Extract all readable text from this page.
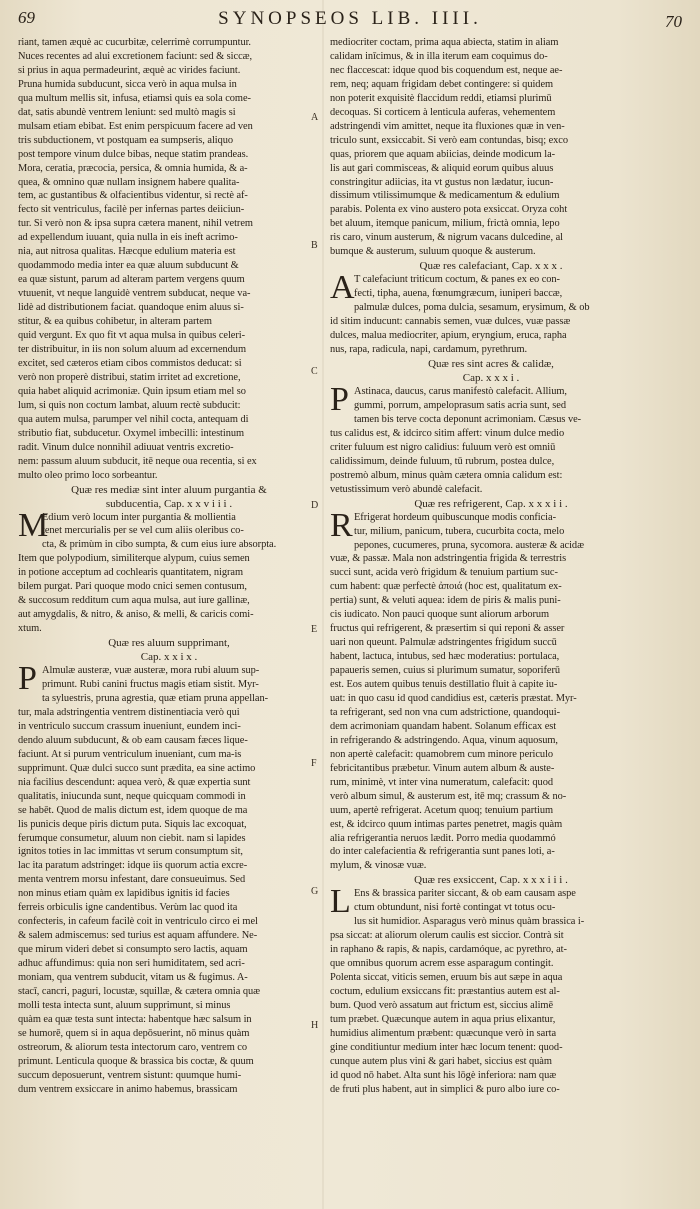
69	SYNOPSEOS LIB. IIII.	70
A
B
C
D
E
F
G
H
riant, tamen æquè ac cucurbitæ, celerrimè corrumpuntur.
Nuces recentes ad alui excretionem faciunt: sed & siccæ,
si prius in aqua permadeurint, æquè ac virides faciunt.
Pruna humida subducunt, sicca verò in aqua mulsa in
qua multum mellis sit, infusa, etiamsi quis ea sola come-
dat, satis abundè ventrem leniunt: sed multò magis si
mulsam etiam ebibat. Est enim perspicuum facere ad ven
tris subductionem, vt postquam ea sumpseris, aliquo
post tempore vinum dulce bibas, neque statim prandeas.
Mora, ceratia, præcocia, persica, & omnia humida, & a-
quea, & omnino quæ nullam insignem habere qualita-
tem, ac gustantibus & olfacientibus videntur, si rectè af-
fecto sit ventriculus, facilè per infernas partes deiiciun-
tur. Si verò non & ipsa supra cætera manent, nihil vetrem
ad expellendum iuuant, quia nulla in eis ineft acrimo-
nia, aut nitrosa qualitas. Hæcque edulium materia est
quodammodo media inter ea quæ aluum subducunt &
ea quæ sistunt, parum ad alteram partem vergens quum
vtuuenit, vt neque languidè ventrem subducat, neque va-
lidè ad distributionem faciat. quandoque enim aluus si-
stitur, & ea quibus cohibetur, in alteram partem
quid vergunt. Ex quo fit vt aqua mulsa in quibus celeri-
ter distribuitur, in iis non solum aluum ad excernendum
excitet, sed cæteros etiam cibos commistos deducat: si
verò non properè distribui, statim irritet ad excretione,
quia habet aliquid acrimoniæ. Quin ipsum etiam mel so
lum, si quis non coctum lambat, aluum rectè subducit:
qua autem mulsa, parumper vel nihil cocta, antequam di
stributio fiat, subducetur. Oxymel imbecilli: intestinum
radit. Vinum dulce nonnihil adiuuat ventris excretio-
nem: passum aluum subducit, itē neque oua recentia, si ex
multo oleo primo loco sorbeantur.
Quæ res mediæ sint inter aluum purgantia &
subducentia, Cap. x x v i i i .
M
Edium verò locum inter purgantia & mollientia
tenet mercurialis per se vel cum aliis oleribus co-
cta, & primùm in cibo sumpta, & cum eius iure absorpta.
Item que polypodium, similiterque alypum, cuius semen
in potione acceptum ad cochlearis quantitatem, nigram
bilem purgat. Pari quoque modo cnici semen contusum,
& succosum redditum cum aqua mulsa, aut iure gallinæ,
aut amygdalis, & nitro, & aniso, & melli, & caricis comi-
xtum.
Quæ res aluum supprimant,
Cap. x x i x .
P Almulæ austeræ, vuæ austeræ, mora rubi aluum sup-
primunt. Rubi canini fructus magis etiam sistit. Myr-
ta syluestris, pruna agrestia, quæ etiam pruna appellan-
tur, mala adstringentia ventrem distinentiacia verò qui
in ventriculo succum crassum inueniunt, eundem inci-
dendo aluum subducunt, & ob eam causam fæces lique-
faciunt. At si purum ventriculum inueniant, cum ma-is
supprimunt. Quæ dulci succo sunt prædita, ea sine actimo
nia facilius descendunt: aquea verò, & quæ expertia sunt
qualitatis, iniucunda sunt, neque quicquam commodi in
se habēt. Quod de malis dictum est, idem quoque de ma
lis punicis deque piris dictum puta. Siquis lac excoquat,
ferumque consumetur, aluum non ciebit. nam si lapides
ignitos toties in lac immittas vt serum consumptum sit,
lac ita paratum adstringet: idque iis quorum actia excre-
menta ventrem morsu infestant, dare consueuimus. Sed
non minus etiam quàm ex lapidibus ignitis id facies
ferreis orbiculis igne candentibus. Verùm lac quod ita
confecteris, in cafeum facilè coit in ventriculo circo ei mel
& salem admiscemus: sed turius est aquam affundere. Ne-
que mirum videri debet si consumpto sero lactis, aquam
adhuc affundimus: quia non seri humiditatem, sed acri-
moniam, qua ventrem subducit, vitam us & fugimus. A-
stacī, cancri, paguri, locustæ, squillæ, & cætera omnia quæ
molli testa intecta sunt, aluum supprimunt, si minus
quàm ea quæ testa sunt intecta: habentque hæc salsum in
se humorē, quem si in aqua depōsuerint, nō minus quàm
ostreorum, & aliorum testa intectorum caro, ventrem co
primunt. Lenticula quoque & brassica bis coctæ, & quum
succum deposuerunt, ventrem sistunt: quumque humi-
dum ventrem exsiccare in animo habemus, brassicam
mediocriter coctam, prima aqua abiecta, statim in aliam
calidam inīcimus, & in illa iterum eam coquimus do-
nec flaccescat: idque quod bis coquendum est, neque ae-
rem, neq; aquam frigidam debet contingere: si quidem
non poterit exquisitè flaccidum reddi, etiamsi plurimū
decoquas. Si corticem à lenticula auferas, vehementem
adstringendi vim amittet, neque ita fluxiones quæ in ven-
triculo sunt, exsiccabit. Si verò eam contundas, bisq; exco
quas, priorem que aquam abiicias, deinde modicum la-
lis aut gari commisceas, & aliquid eorum quibus aluus
constringitur adiicias, ita vt gustus non lædatur, iucun-
dissimum vtilissimumque & medicamentum & edulium
parabis. Polenta ex vino austero pota exsiccat. Oryza coht
bet aluum, itemque panicum, milium, frictà omnia, lepo
ris caro, vinum austerum, & nigrum vacans dulcedine, al
bumque & austerum, suluum quoque & austerum.
Quæ res calefaciant, Cap. x x x .
A T calefaciunt triticum coctum, & panes ex eo con-
fecti, tipha, auena, fœnumgræcum, iuniperi baccæ,
palmulæ dulces, poma dulcia, sesamum, erysimum, & ob
id sitim inducunt: cannabis semen, vuæ dulces, vuæ passæ
dulces, malua mediocriter, apium, eryngium, eruca, rapha
nus, rapa, radicula, napi, cardamum, pyrethrum.
Quæ res sint acres & calidæ,
Cap. x x x i .
P Astinaca, daucus, carus manifestò calefacit. Allium,
gummi, porrum, ampeloprasum satis acria sunt, sed
tamen bis terve cocta deponunt acrimoniam. Cæsus ve-
tus calidus est, & idcirco sitim affert: vinum dulce medio
criter fuluum est nigro calidius: fuluum verò est omniū
calidissimum, deinde fuluum, tū rubrum, postea dulce,
postremò album, minus quàm cætera omnia calidum est:
vetustissimum verò abundè calefacit.
Quæ res refrigerent, Cap. x x x i i .
R Efrigerat hordeum quibuscunque modis conficia-
tur, milium, panicum, tubera, cucurbita cocta, melo
pepones, cucumeres, pruna, sycomora. austeræ & acidæ
vuæ, & passæ. Mala non adstringentia frigida & terrestris
succi sunt, acida verò frigidum & tenuium partium suc-
cum habent: quæ perfectè ἀποιά (hoc est, qualitatum ex-
pertia) sunt, & veluti aquea: idem de piris & malis puni-
cis iudicato. Non pauci quoque sunt aliorum arborum
fructus qui refrigerent, & præsertim si qui reponi & asser
uari non queunt. Palmulæ adstringentes frigidum succū
habent, lactuca, intubus, sed hæc moderatius: portulaca,
papaueris semen, cuius si plurimum sumatur, soporiferū
est. Eos autem quibus tenuis destillatio fluit à capite iu-
uat: in quo casu id quod candidius est, cæteris præstat. Myr-
ta refrigerant, sed non vna cum adstrictione, quandoqui-
dem acrimoniam quandam habent. Solanum efficax est
in refrigerando & adstringendo. Aqua, vinum aquosum,
non apertè calefacit: quamobrem cum minore periculo
febricitantibus præbetur. Vinum autem album & auste-
rum, minimè, vt inter vina numeratum, calefacit: quod
verò album simul, & austerum est, itē mq; crassum & no-
uum, apertè refrigerat. Acetum quoq; tenuium partium
est, & idcirco quum intimas partes penetret, magis quàm
alia refrigerantia neruos lædit. Porro media quodammó
do inter calefacientia & refrigerantia sunt panes loti, a-
mylum, & vinosæ vuæ.
Quæ res exsiccent, Cap. x x x i i i .
L Ens & brassica pariter siccant, & ob eam causam aspe
ctum obtundunt, nisi fortè contingat vt totus ocu-
lus sit humidior. Asparagus verò minus quàm brassica i-
psa siccat: at aliorum olerum caulis est siccior. Contrà sit
in raphano & rapis, & napis, cardamóque, ac pyrethro, at-
que omnibus quorum acrem esse asparagum contingit.
Polenta siccat, viticis semen, eruum bis aut sæpe in aqua
coctum, edulium exsiccans fit: præstantius autem est al-
bum. Quod verò assatum aut frictum est, siccius alimē
tum præbet. Quæcunque autem in aqua prius elixantur,
humidius alimentum præbent: quæcunque verò in sarta
gine conditiuntur medium inter hæc locum tenent: quod-
cunque autem plus vini & gari habet, siccius est quàm
id quod nō habet. Alta sunt his lōgè inferiora: nam quæ
de fruti plus habent, aut in simplici & puro albo iure co-
